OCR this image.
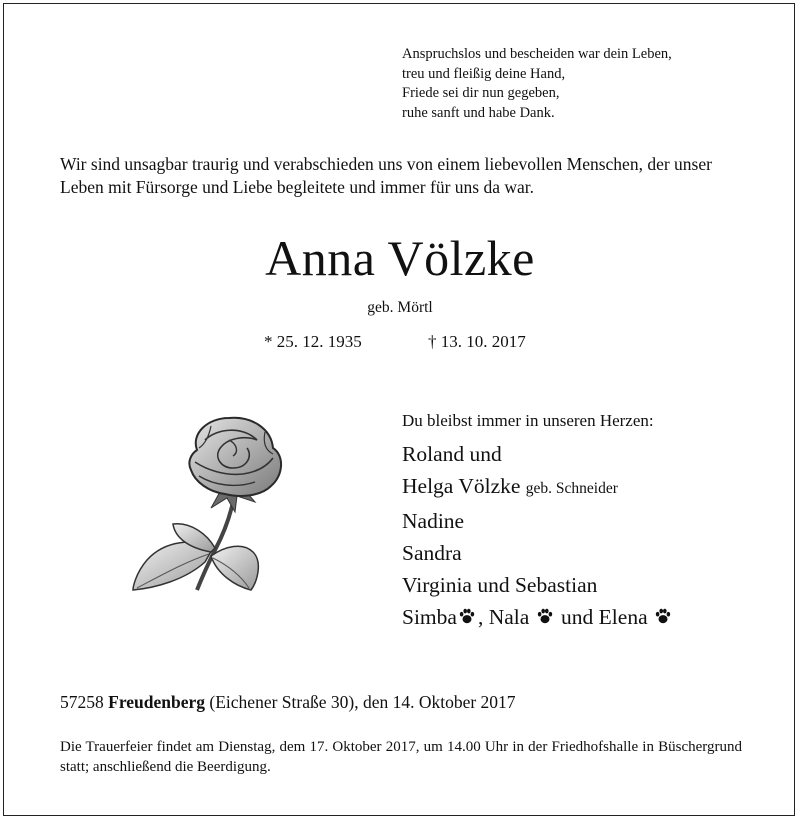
Anspruchslos und bescheiden war dein Leben,
treu und fleißig deine Hand,
Friede sei dir nun gegeben,
ruhe sanft und habe Dank.
Wir sind unsagbar traurig und verabschieden uns von einem liebevollen Menschen, der unser
Leben mit Fürsorge und Liebe begleitete und immer für uns da war.
Anna Völzke
geb. Mörtl
* 25. 12. 1935	† 13. 10. 2017
Du bleibst immer in unseren Herzen:
Roland und
Helga Völzke geb. Schneider
Nadine
Sandra
Virginia und Sebastian
Simba , Nala  und Elena
57258 Freudenberg (Eichener Straße 30), den 14. Oktober 2017
Die Trauerfeier findet am Dienstag, dem 17. Oktober 2017, um 14.00 Uhr in der Friedhofshalle in Büschergrund statt; anschließend die Beerdigung.
